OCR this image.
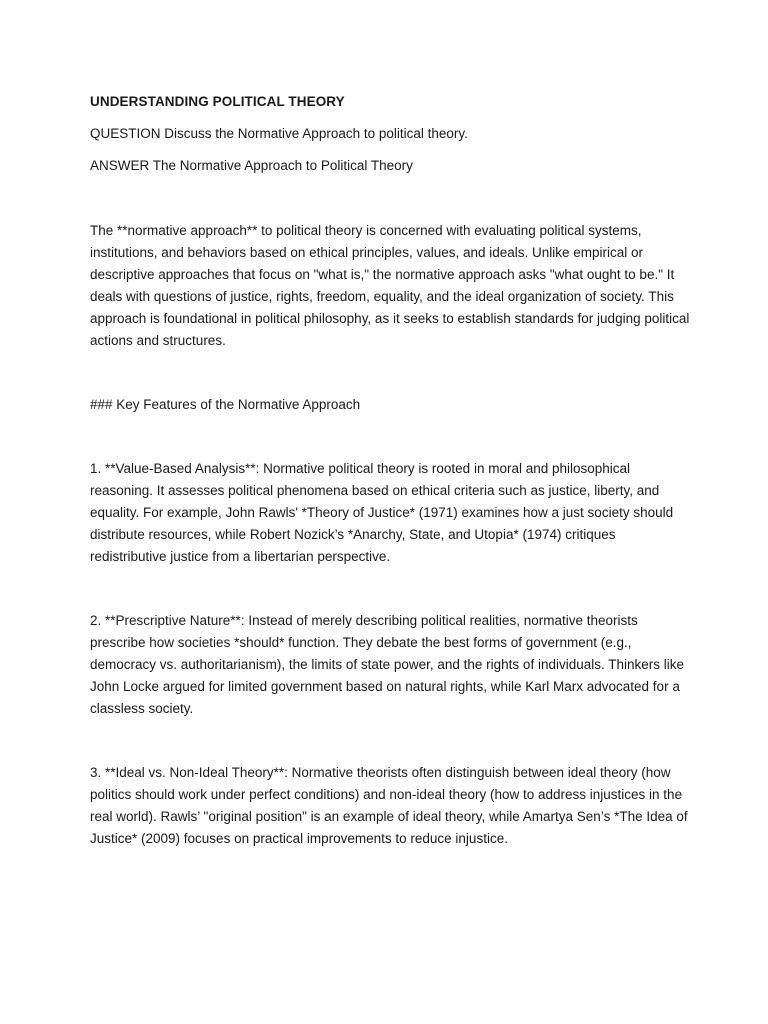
UNDERSTANDING POLITICAL THEORY

QUESTION Discuss the Normative Approach to political theory.

ANSWER The Normative Approach to Political Theory

The **normative approach** to political theory is concerned with evaluating political systems, institutions, and behaviors based on ethical principles, values, and ideals. Unlike empirical or descriptive approaches that focus on "what is," the normative approach asks "what ought to be." It deals with questions of justice, rights, freedom, equality, and the ideal organization of society. This approach is foundational in political philosophy, as it seeks to establish standards for judging political actions and structures.

### Key Features of the Normative Approach

1. **Value-Based Analysis**: Normative political theory is rooted in moral and philosophical reasoning. It assesses political phenomena based on ethical criteria such as justice, liberty, and equality. For example, John Rawls' *Theory of Justice* (1971) examines how a just society should distribute resources, while Robert Nozick’s *Anarchy, State, and Utopia* (1974) critiques redistributive justice from a libertarian perspective.

2. **Prescriptive Nature**: Instead of merely describing political realities, normative theorists prescribe how societies *should* function. They debate the best forms of government (e.g., democracy vs. authoritarianism), the limits of state power, and the rights of individuals. Thinkers like John Locke argued for limited government based on natural rights, while Karl Marx advocated for a classless society.

3. **Ideal vs. Non-Ideal Theory**: Normative theorists often distinguish between ideal theory (how politics should work under perfect conditions) and non-ideal theory (how to address injustices in the real world). Rawls’ "original position" is an example of ideal theory, while Amartya Sen’s *The Idea of Justice* (2009) focuses on practical improvements to reduce injustice.
